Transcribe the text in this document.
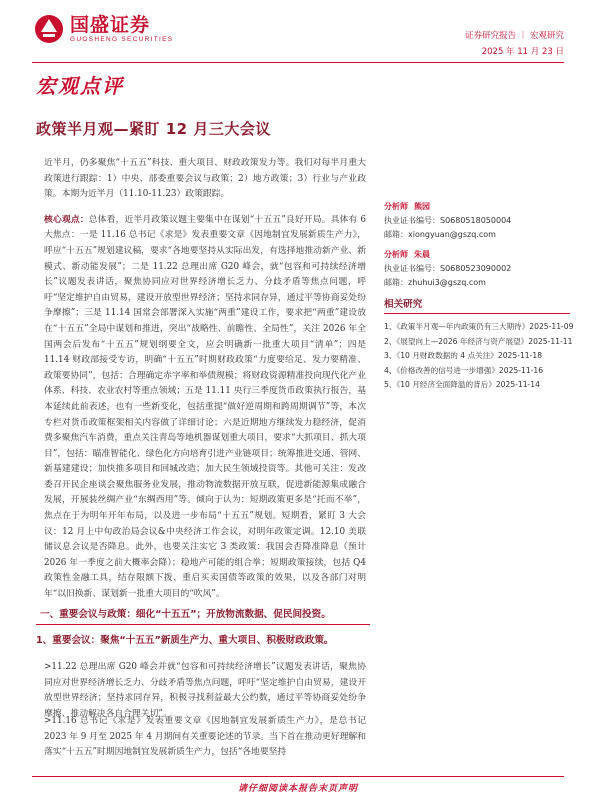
国盛证券
GUOSHENG SECURITIES	证券研究报告 ｜ 宏观研究
2025 年 11 月 23 日
宏观点评
政策半月观—紧盯 12 月三大会议

近半月，仍多聚焦“十五五”科技、重大项目、财政政策发力等。我们对每半月重大政策进行跟踪：1）中央、部委重要会议与政策；2）地方政策；3）行业与产业政策。本期为近半月（11.10-11.23）政策跟踪。

核心观点：总体看，近半月政策议题主要集中在谋划“十五五”良好开局。具体有 6 大焦点：一是 11.16 总书记《求是》发表重要文章《因地制宜发展新质生产力》，呼应“十五五”规划建议稿，要求“各地要坚持从实际出发，有选择地推动新产业、新模式、新动能发展”；二是 11.22 总理出席 G20 峰会，就“包容和可持续经济增长”议题发表讲话，聚焦协同应对世界经济增长乏力、分歧矛盾等焦点问题，呼吁“坚定维护自由贸易，建设开放型世界经济；坚持求同存异，通过平等协商妥处纷争摩擦”；三是 11.14 国常会部署深入实施“两重”建设工作，要求把“两重”建设放在“十五五”全局中谋划和推进，突出“战略性、前瞻性、全局性”，关注 2026 年全国两会后发布“十五五”规划纲要全文，应会明确新一批重大项目“清单”；四是 11.14 财政部接受专访，明确“十五五”时期财政政策“力度要给足、发力要精准、政策要协同”，包括：合理确定赤字率和举债规模；将财政资源精准投向现代化产业体系、科技、农业农村等重点领域；五是 11.11 央行三季度货币政策执行报告，基本延续此前表述，也有一些新变化，包括重提“做好逆周期和跨周期调节”等，本次专栏对货币政策框架相关内容做了详细讨论；六是近期地方继续发力稳经济，促消费多聚焦汽车消费，重点关注青岛等地机器谋划重大项目，要求“大抓项目、抓大项目”，包括：瞄准智能化、绿色化方向培育引进产业链项目；统筹推进交通、管网、新基建建设；加快推多项目和回城改造；加大民生领域投资等。其他可关注：发改委召开民企座谈会聚焦服务业发展，推动物流数据开放互联，促进新能源集成融合发展，开展装丝绸产业“东绸西用”等。倾向于认为：短期政策更多是“托而不举”，焦点在于为明年开年布局，以及进一步布局“十五五”规划。短期看，紧盯 3 大会议：12 月上中旬政治局会议&中央经济工作会议，对明年政策定调。12.10 美联储议息会议是否降息。此外，也要关注实它 3 类政策：我国会否降准降息（预计 2026 年一季度之前大概率会降）；稳地产可能的组合拳；短期政策接续，包括 Q4 政策性金融工具，结存限额下拨、重启买卖国债等政策的效果，以及各部门对明年“以旧换新、谋划新一批重大项目的“吹风”。

一、重要会议与政策：细化“十五五”；开放物流数据、促民间投资。
1、重要会议：聚焦“十五五”新质生产力、重大项目、积极财政政策。
>11.22 总理出席 G20 峰会并就“包容和可持续经济增长”议题发表讲话，聚焦协同应对世界经济增长乏力、分歧矛盾等焦点问题，呼吁“坚定维护自由贸易，建设开放型世界经济；坚持求同存异，积极寻找利益最大公约数，通过平等协商妥处纷争摩擦、推动解决各自合理关切”。
>11.16 总书记《求是》发表重要文章《因地制宜发展新质生产力》，是总书记 2023 年 9 月至 2025 年 4 月期间有关重要论述的节录。当下首在推动更好理解和落实“十五五”时期因地制宜发展新质生产力，包括“各地要坚持
分析师 熊园
执业证书编号：S0680518050004
邮箱：xiongyuan@gszq.com
分析师 朱晨
执业证书编号：S0680523090002
邮箱：zhuhui3@gszq.com
相关研究
1、《政策半月观—年内政策仍有三大期待》2025-11-09
2、《展望向上—2026 年经济与资产展望》2025-11-11
3、《10 月财政数据的 4 点关注》2025-11-18
4、《价格改善的信号进一步增强》2025-11-16
5、《10 月经济全面降温的背后》2025-11-14
请仔细阅读本报告末页声明
